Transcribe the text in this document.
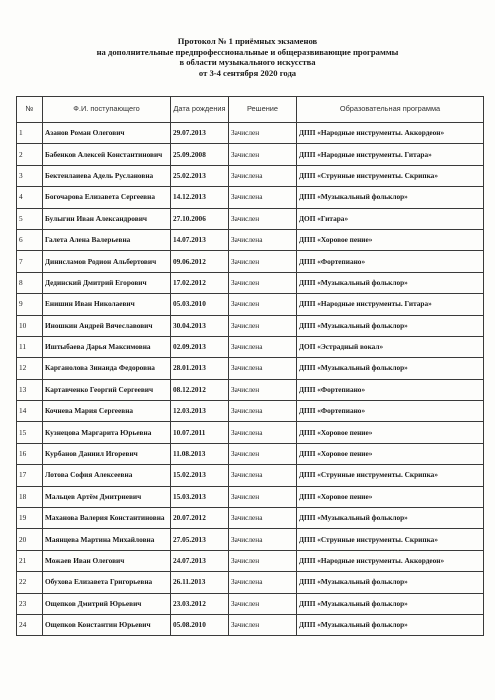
Протокол № 1 приёмных экзаменов
на дополнительные предпрофессиональные и общеразвивающие программы
в области музыкального искусства
от 3-4 сентября 2020 года
№	Ф.И. поступающего	Дата рождения	Решение	Образовательная программа
1	Азанов Роман Олегович	29.07.2013	Зачислен	ДПП «Народные инструменты. Аккордеон»
2	Бабенков Алексей Константинович	25.09.2008	Зачислен	ДПП «Народные инструменты. Гитара»
3	Бектенлаиева Адель Руслановна	25.02.2013	Зачислена	ДПП «Струнные инструменты. Скрипка»
4	Богочарова Елизавета Сергеевна	14.12.2013	Зачислена	ДПП «Музыкальный фольклор»
5	Булыгин Иван Александрович	27.10.2006	Зачислен	ДОП «Гитара»
6	Галета Алена Валерьевна	14.07.2013	Зачислена	ДПП «Хоровое пение»
7	Динисламов Родион Альбертович	09.06.2012	Зачислен	ДПП «Фортепиано»
8	Дединский Дмитрий Егорович	17.02.2012	Зачислен	ДПП «Музыкальный фольклор»
9	Енишин Иван Николаевич	05.03.2010	Зачислен	ДПП «Народные инструменты. Гитара»
10	Иношкин Андрей Вячеславович	30.04.2013	Зачислен	ДПП «Музыкальный фольклор»
11	Иштыбаева Дарья Максимовна	02.09.2013	Зачислена	ДОП «Эстрадный вокал»
12	Карганолова Зинаида Федоровна	28.01.2013	Зачислена	ДПП «Музыкальный фольклор»
13	Картавченко Георгий Сергеевич	08.12.2012	Зачислен	ДПП «Фортепиано»
14	Кочнева Мария Сергеевна	12.03.2013	Зачислена	ДПП «Фортепиано»
15	Кузнецова Маргарита Юрьевна	10.07.2011	Зачислена	ДПП «Хоровое пение»
16	Курбанов Даниил Игоревич	11.08.2013	Зачислен	ДПП «Хоровое пение»
17	Лотова София Алексеевна	15.02.2013	Зачислена	ДПП «Струнные инструменты. Скрипка»
18	Мальцев Артём Дмитриевич	15.03.2013	Зачислен	ДПП «Хоровое пение»
19	Маханова Валерия Константиновна	20.07.2012	Зачислена	ДПП «Музыкальный фольклор»
20	Маянцева Мартина Михайловна	27.05.2013	Зачислена	ДПП «Струнные инструменты. Скрипка»
21	Можаев Иван Олегович	24.07.2013	Зачислен	ДПП «Народные инструменты. Аккордеон»
22	Обухова Елизавета Григорьевна	26.11.2013	Зачислена	ДПП «Музыкальный фольклор»
23	Ощепков Дмитрий Юрьевич	23.03.2012	Зачислен	ДПП «Музыкальный фольклор»
24	Ощепков Константин Юрьевич	05.08.2010	Зачислен	ДПП «Музыкальный фольклор»
